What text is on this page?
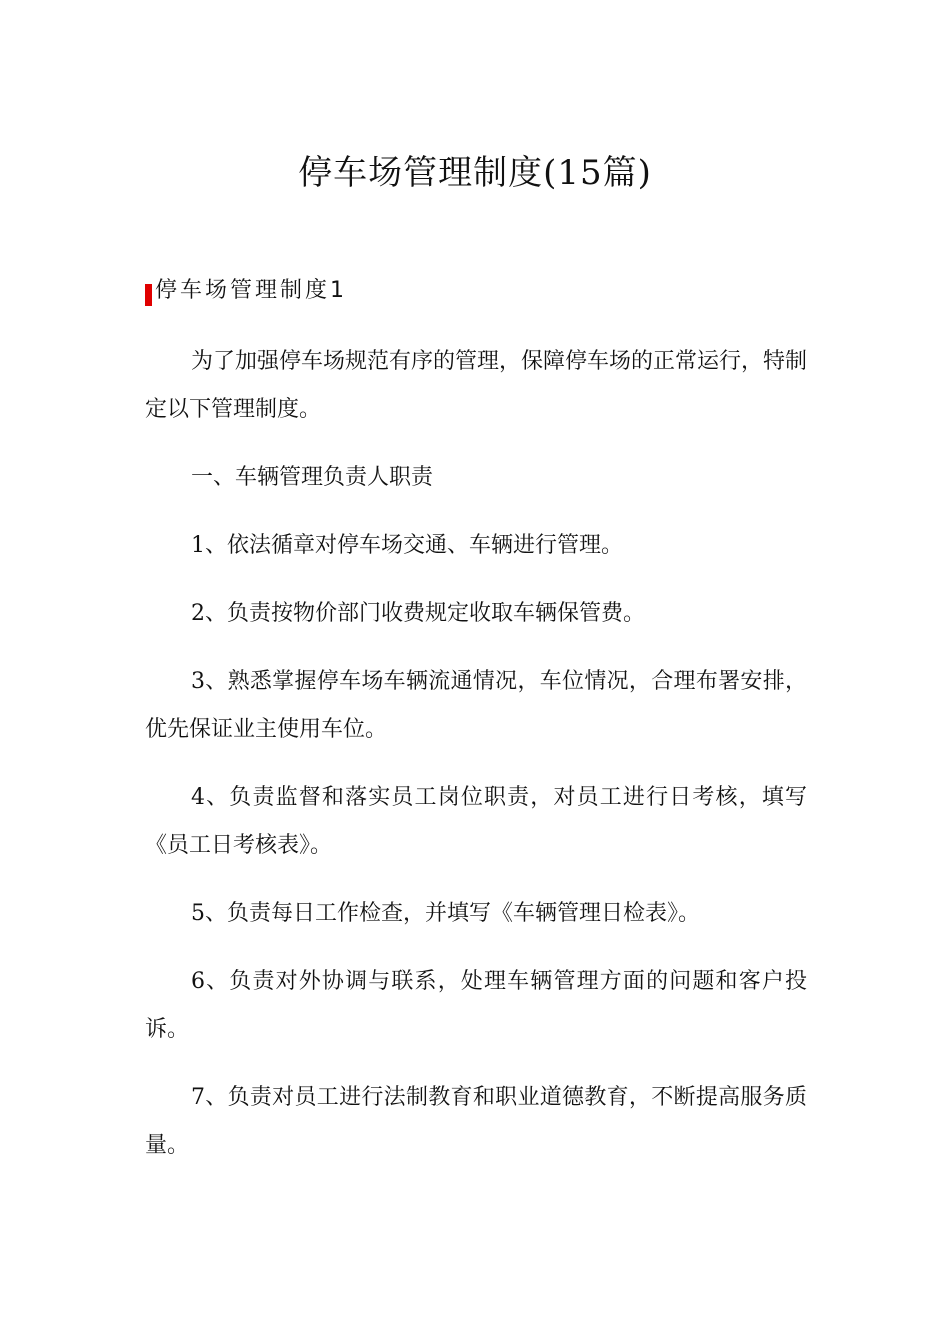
停车场管理制度(15篇)
停车场管理制度1

为了加强停车场规范有序的管理，保障停车场的正常运行，特制定以下管理制度。

一、车辆管理负责人职责

1、依法循章对停车场交通、车辆进行管理。

2、负责按物价部门收费规定收取车辆保管费。

3、熟悉掌握停车场车辆流通情况，车位情况，合理布署安排，优先保证业主使用车位。

4、负责监督和落实员工岗位职责，对员工进行日考核，填写《员工日考核表》。

5、负责每日工作检查，并填写《车辆管理日检表》。

6、负责对外协调与联系，处理车辆管理方面的问题和客户投诉。

7、负责对员工进行法制教育和职业道德教育，不断提高服务质量。
